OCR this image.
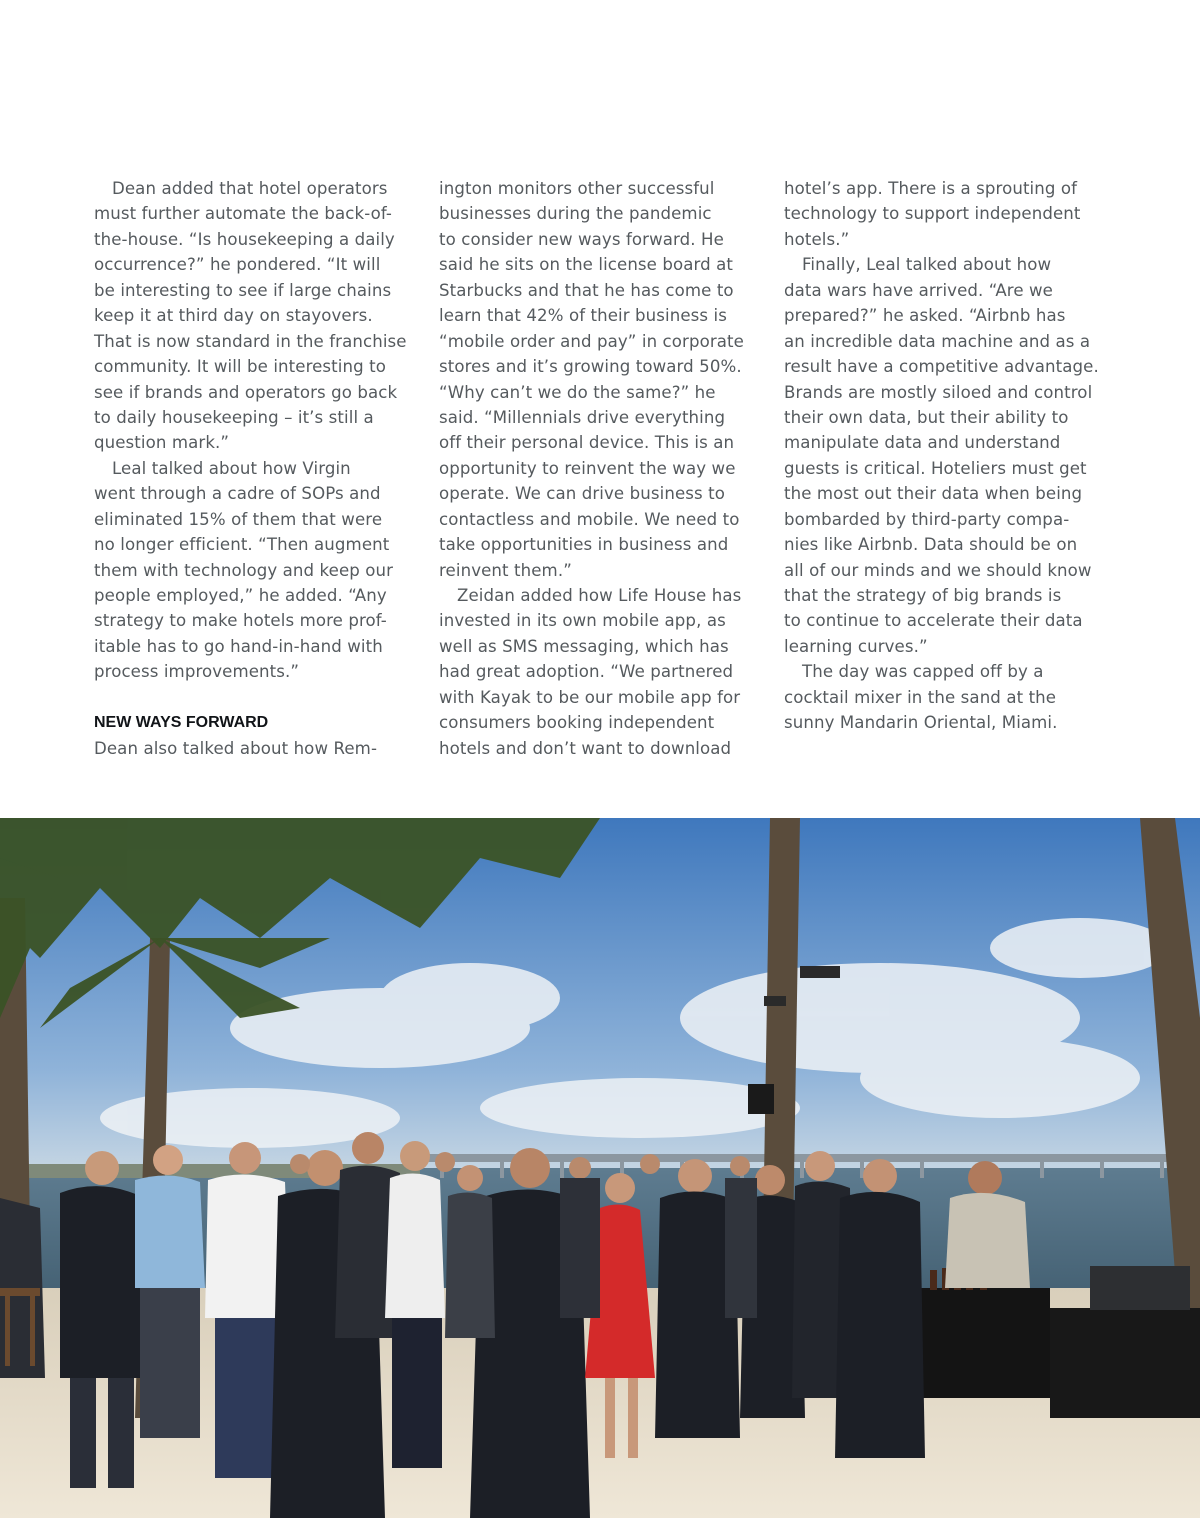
Dean added that hotel operators
must further automate the back-of-
the-house. “Is housekeeping a daily
occurrence?” he pondered. “It will
be interesting to see if large chains
keep it at third day on stayovers.
That is now standard in the franchise
community. It will be interesting to
see if brands and operators go back
to daily housekeeping – it’s still a
question mark.”
Leal talked about how Virgin
went through a cadre of SOPs and
eliminated 15% of them that were
no longer efficient. “Then augment
them with technology and keep our
people employed,” he added. “Any
strategy to make hotels more prof-
itable has to go hand-in-hand with
process improvements.”
NEW WAYS FORWARD
Dean also talked about how Rem-
ington monitors other successful
businesses during the pandemic
to consider new ways forward. He
said he sits on the license board at
Starbucks and that he has come to
learn that 42% of their business is
“mobile order and pay” in corporate
stores and it’s growing toward 50%.
“Why can’t we do the same?” he
said. “Millennials drive everything
off their personal device. This is an
opportunity to reinvent the way we
operate. We can drive business to
contactless and mobile. We need to
take opportunities in business and
reinvent them.”
Zeidan added how Life House has
invested in its own mobile app, as
well as SMS messaging, which has
had great adoption. “We partnered
with Kayak to be our mobile app for
consumers booking independent
hotels and don’t want to download
hotel’s app. There is a sprouting of
technology to support independent
hotels.”
Finally, Leal talked about how
data wars have arrived. “Are we
prepared?” he asked. “Airbnb has
an incredible data machine and as a
result have a competitive advantage.
Brands are mostly siloed and control
their own data, but their ability to
manipulate data and understand
guests is critical. Hoteliers must get
the most out their data when being
bombarded by third-party compa-
nies like Airbnb. Data should be on
all of our minds and we should know
that the strategy of big brands is
to continue to accelerate their data
learning curves.”
The day was capped off by a
cocktail mixer in the sand at the
sunny Mandarin Oriental, Miami.
